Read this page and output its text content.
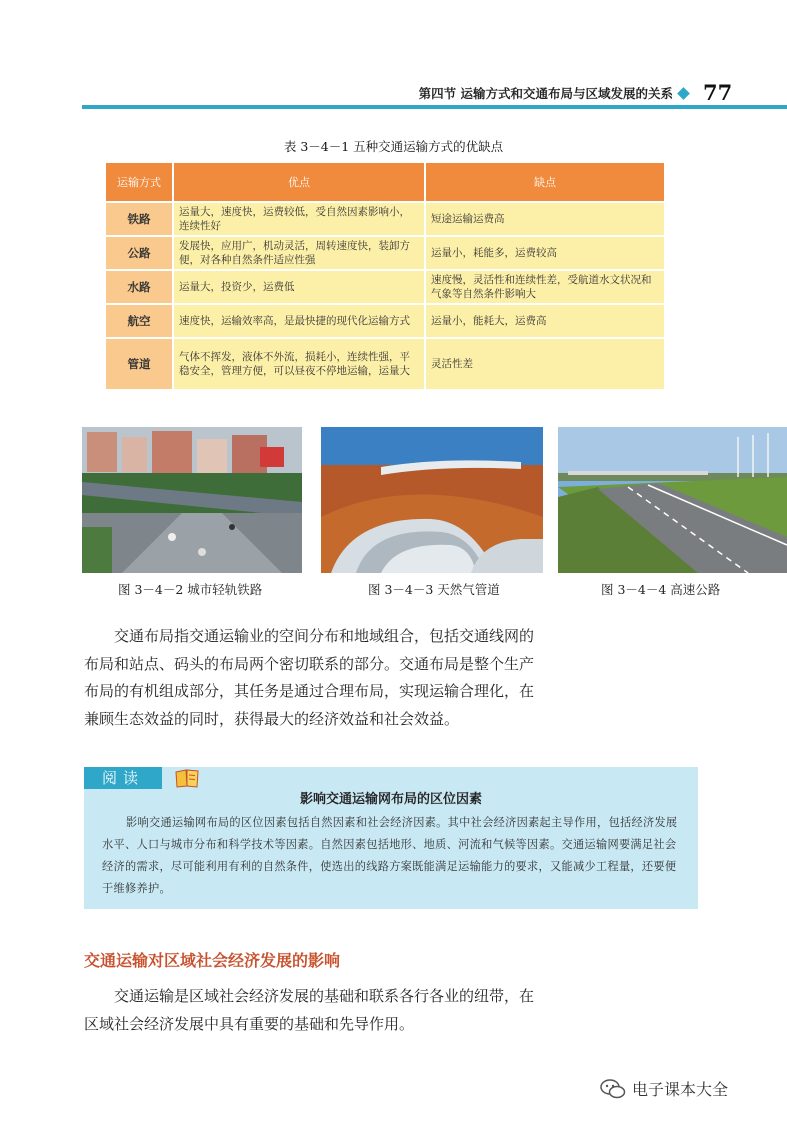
第四节 运输方式和交通布局与区域发展的关系 77
表 3－4－1 五种交通运输方式的优缺点
运输方式	优点	缺点
铁路	运量大，速度快，运费较低，受自然因素影响小，连续性好	短途运输运费高
公路	发展快，应用广，机动灵活，周转速度快，装卸方便，对各种自然条件适应性强	运量小，耗能多，运费较高
水路	运量大，投资少，运费低	速度慢，灵活性和连续性差，受航道水文状况和气象等自然条件影响大
航空	速度快，运输效率高，是最快捷的现代化运输方式	运量小，能耗大，运费高
管道	气体不挥发，液体不外流，损耗小，连续性强，平稳安全，管理方便，可以昼夜不停地运输，运量大	灵活性差
图 3－4－2 城市轻轨铁路	图 3－4－3 天然气管道	图 3－4－4 高速公路

交通布局指交通运输业的空间分布和地域组合，包括交通线网的布局和站点、码头的布局两个密切联系的部分。交通布局是整个生产布局的有机组成部分，其任务是通过合理布局，实现运输合理化，在兼顾生态效益的同时，获得最大的经济效益和社会效益。

阅读
影响交通运输网布局的区位因素

影响交通运输网布局的区位因素包括自然因素和社会经济因素。其中社会经济因素起主导作用，包括经济发展水平、人口与城市分布和科学技术等因素。自然因素包括地形、地质、河流和气候等因素。交通运输网要满足社会经济的需求，尽可能利用有利的自然条件，使选出的线路方案既能满足运输能力的要求，又能减少工程量，还要便于维修养护。

交通运输对区域社会经济发展的影响

交通运输是区域社会经济发展的基础和联系各行各业的纽带，在区域社会经济发展中具有重要的基础和先导作用。

电子课本大全
